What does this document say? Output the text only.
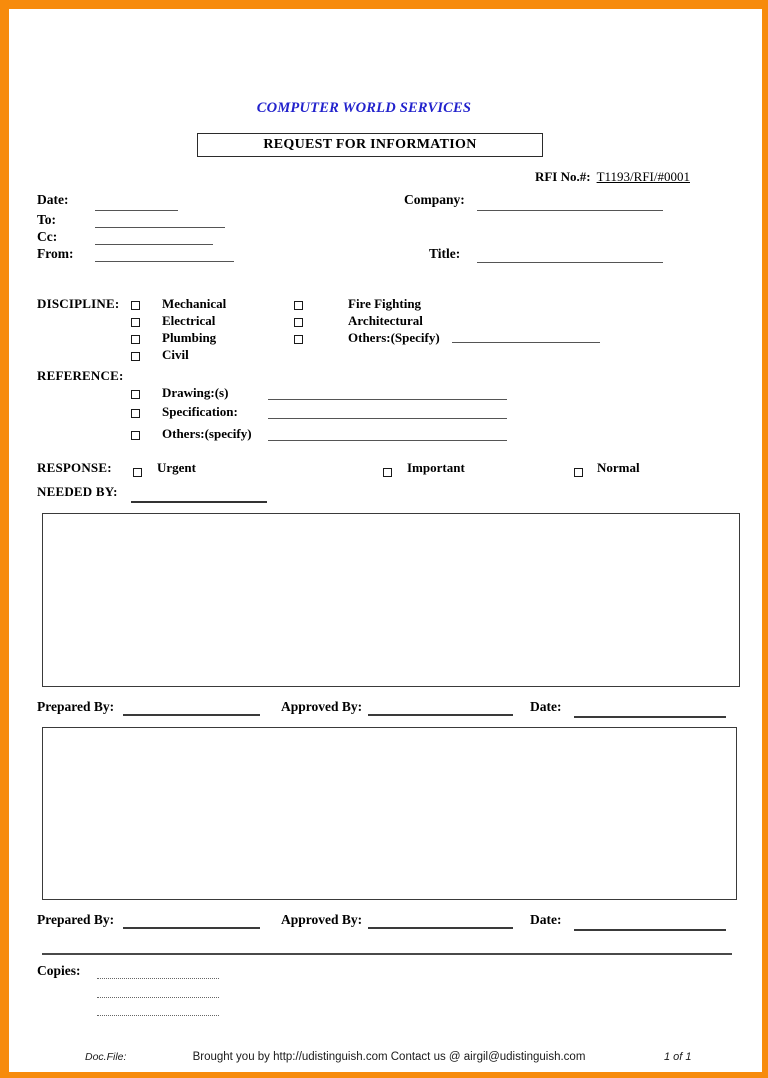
COMPUTER WORLD SERVICES
REQUEST FOR INFORMATION
RFI No.#: T1193/RFI/#0001
Date:
To:
Cc:
From:
Company:
Title:
DISCIPLINE:	Mechanical
Electrical
Plumbing
Civil
Fire Fighting
Architectural
Others:(Specify)
REFERENCE:
Drawing:(s)
Specification:
Others:(specify)
RESPONSE:	Urgent	Important	Normal
NEEDED BY:
Prepared By:	Approved By:	Date:
Prepared By:	Approved By:	Date:
Copies:
Doc.File:	Brought you by http://udistinguish.com Contact us @ airgil@udistinguish.com	1 of 1
